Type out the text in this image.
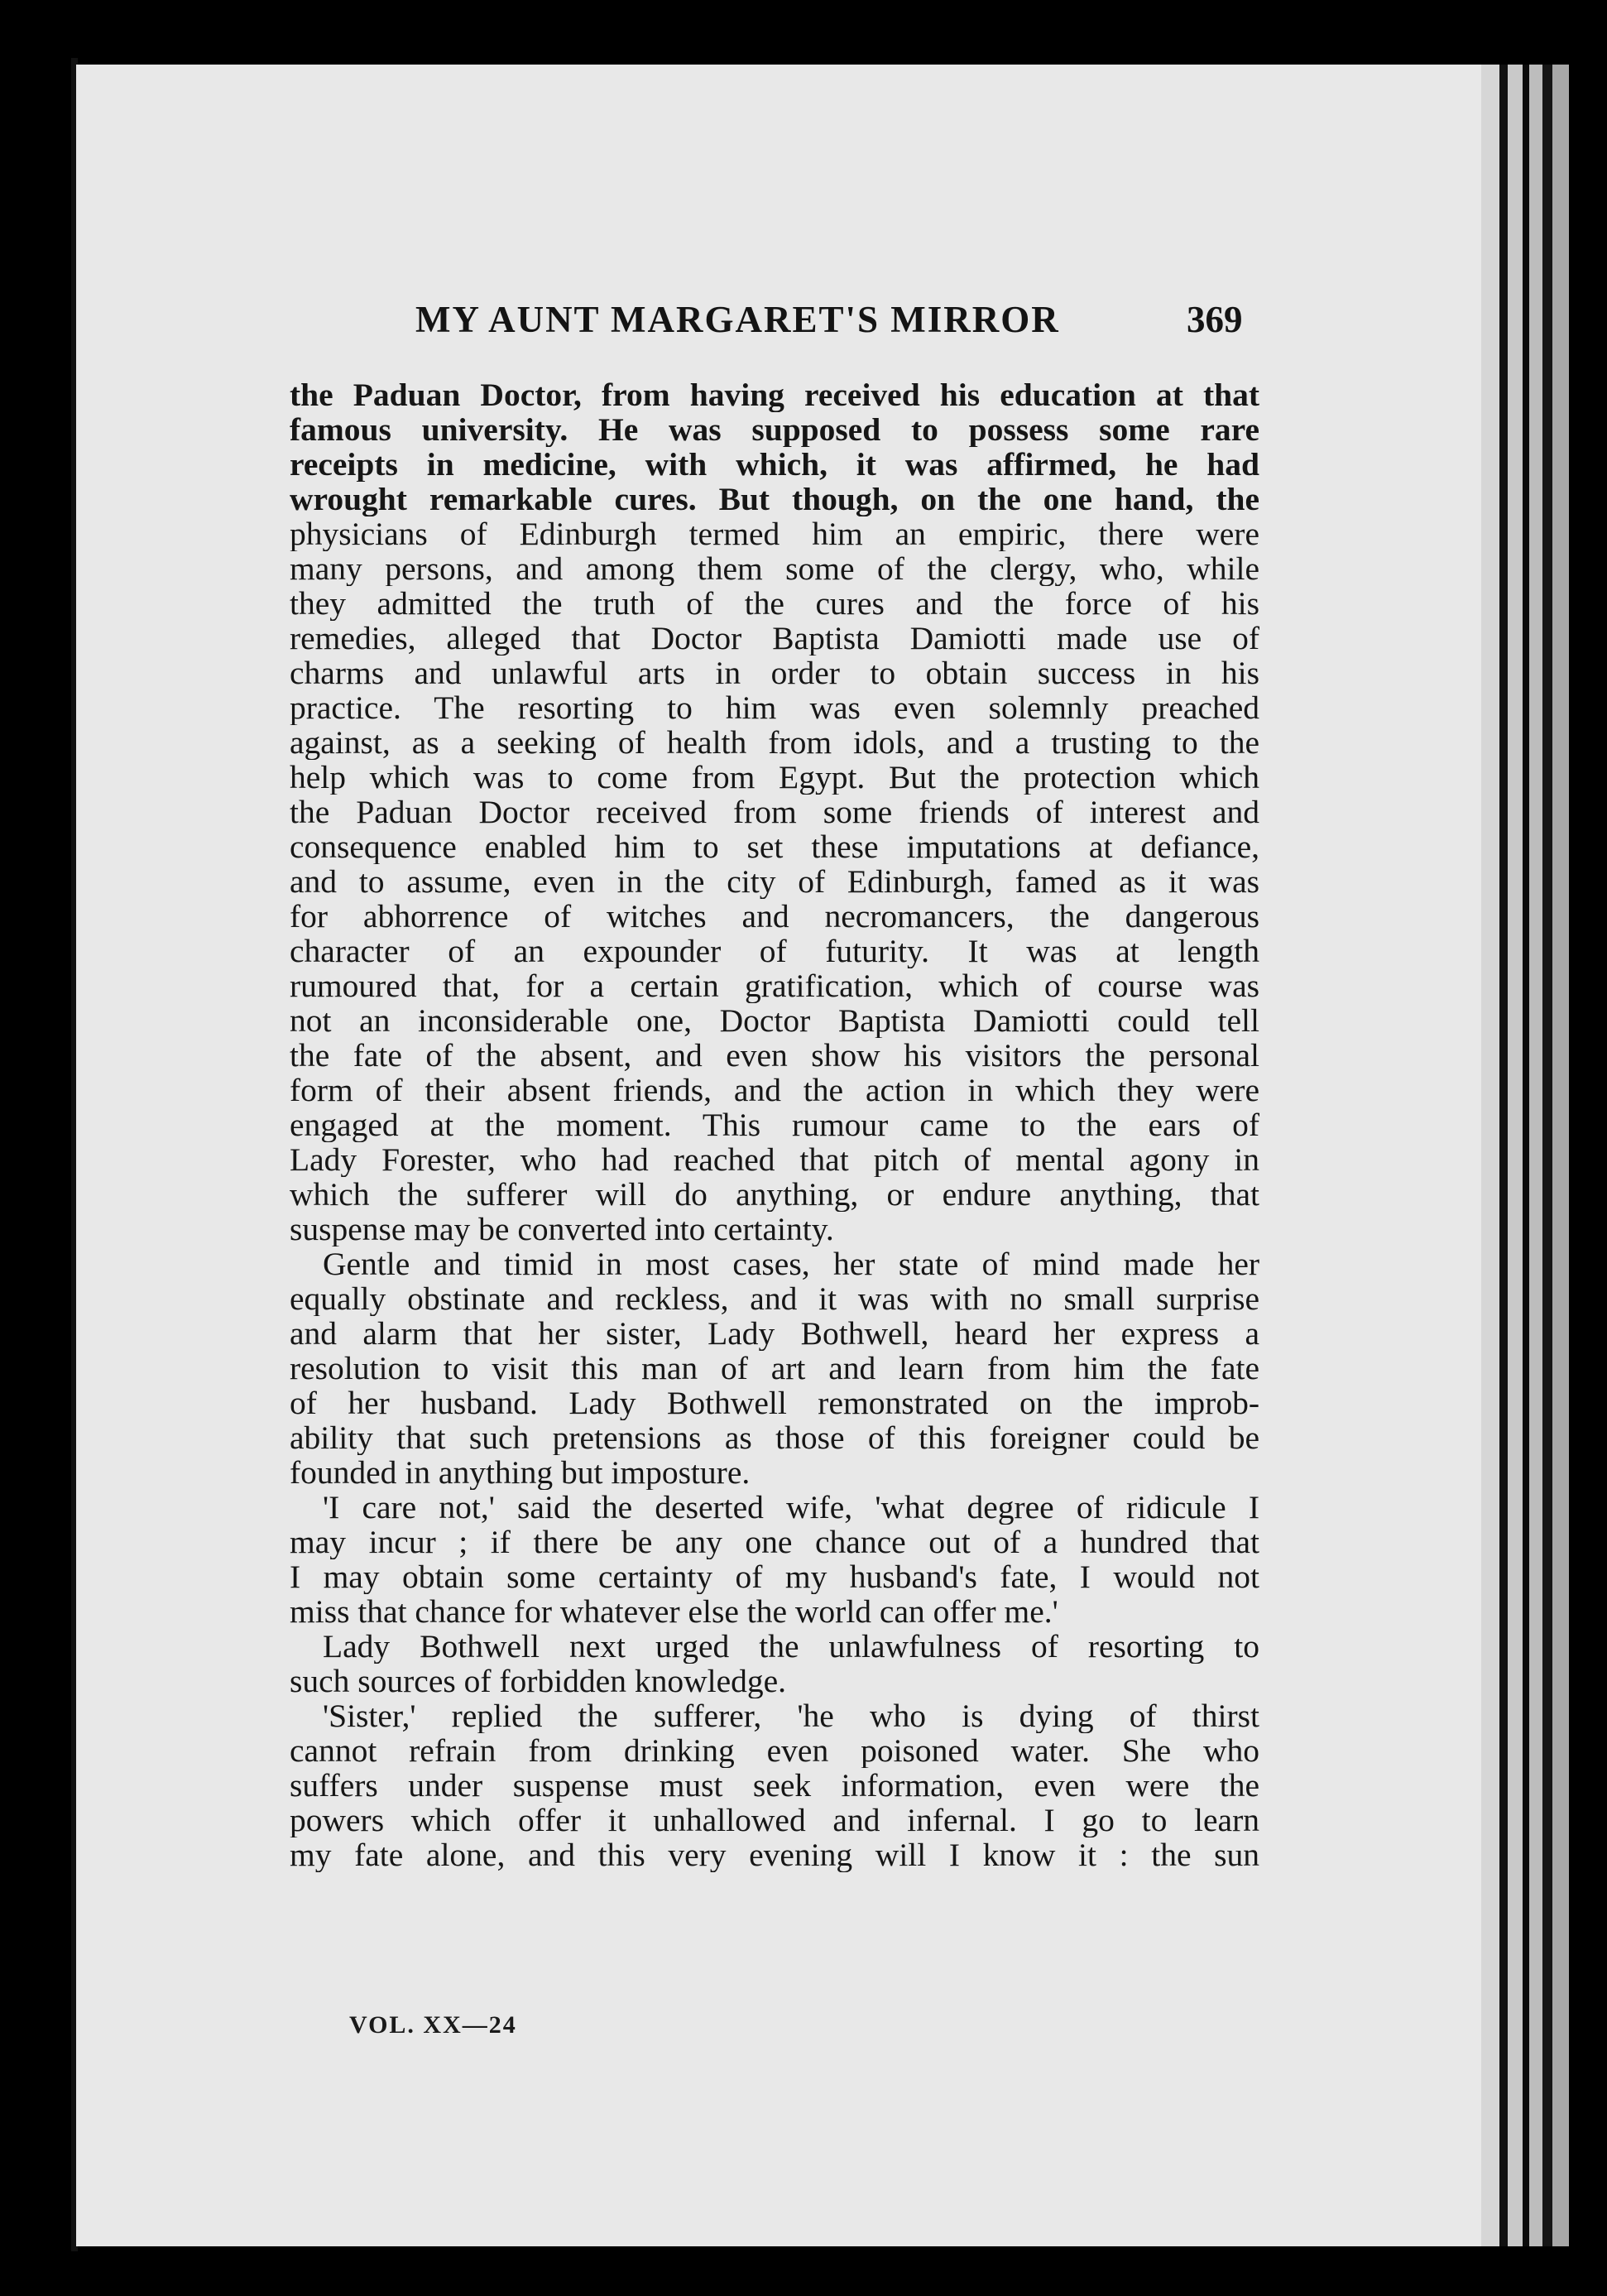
MY AUNT MARGARET'S MIRROR	369
the Paduan Doctor, from having received his education at that
famous university. He was supposed to possess some rare
receipts in medicine, with which, it was affirmed, he had
wrought remarkable cures. But though, on the one hand, the
physicians of Edinburgh termed him an empiric, there were
many persons, and among them some of the clergy, who, while
they admitted the truth of the cures and the force of his
remedies, alleged that Doctor Baptista Damiotti made use of
charms and unlawful arts in order to obtain success in his
practice. The resorting to him was even solemnly preached
against, as a seeking of health from idols, and a trusting to the
help which was to come from Egypt. But the protection which
the Paduan Doctor received from some friends of interest and
consequence enabled him to set these imputations at defiance,
and to assume, even in the city of Edinburgh, famed as it was
for abhorrence of witches and necromancers, the dangerous
character of an expounder of futurity. It was at length
rumoured that, for a certain gratification, which of course was
not an inconsiderable one, Doctor Baptista Damiotti could tell
the fate of the absent, and even show his visitors the personal
form of their absent friends, and the action in which they were
engaged at the moment. This rumour came to the ears of
Lady Forester, who had reached that pitch of mental agony in
which the sufferer will do anything, or endure anything, that
suspense may be converted into certainty.
Gentle and timid in most cases, her state of mind made her
equally obstinate and reckless, and it was with no small surprise
and alarm that her sister, Lady Bothwell, heard her express a
resolution to visit this man of art and learn from him the fate
of her husband. Lady Bothwell remonstrated on the improb-
ability that such pretensions as those of this foreigner could be
founded in anything but imposture.
'I care not,' said the deserted wife, 'what degree of ridicule I
may incur ; if there be any one chance out of a hundred that
I may obtain some certainty of my husband's fate, I would not
miss that chance for whatever else the world can offer me.'
Lady Bothwell next urged the unlawfulness of resorting to
such sources of forbidden knowledge.
'Sister,' replied the sufferer, 'he who is dying of thirst
cannot refrain from drinking even poisoned water. She who
suffers under suspense must seek information, even were the
powers which offer it unhallowed and infernal. I go to learn
my fate alone, and this very evening will I know it : the sun
VOL. XX—24
